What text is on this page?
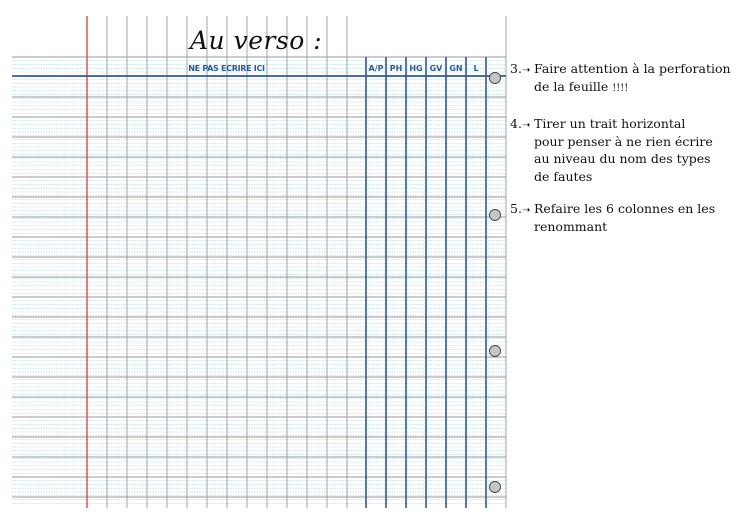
Au verso :
NE PAS ECRIRE ICI	A/P PH HG GV GN	L	3.➝ Faire attention à la perforation
de la feuille !!!!
4.➝ Tirer un trait horizontal
pour penser à ne rien écrire
au niveau du nom des types
de fautes
5.➝ Refaire les 6 colonnes en les
renommant
